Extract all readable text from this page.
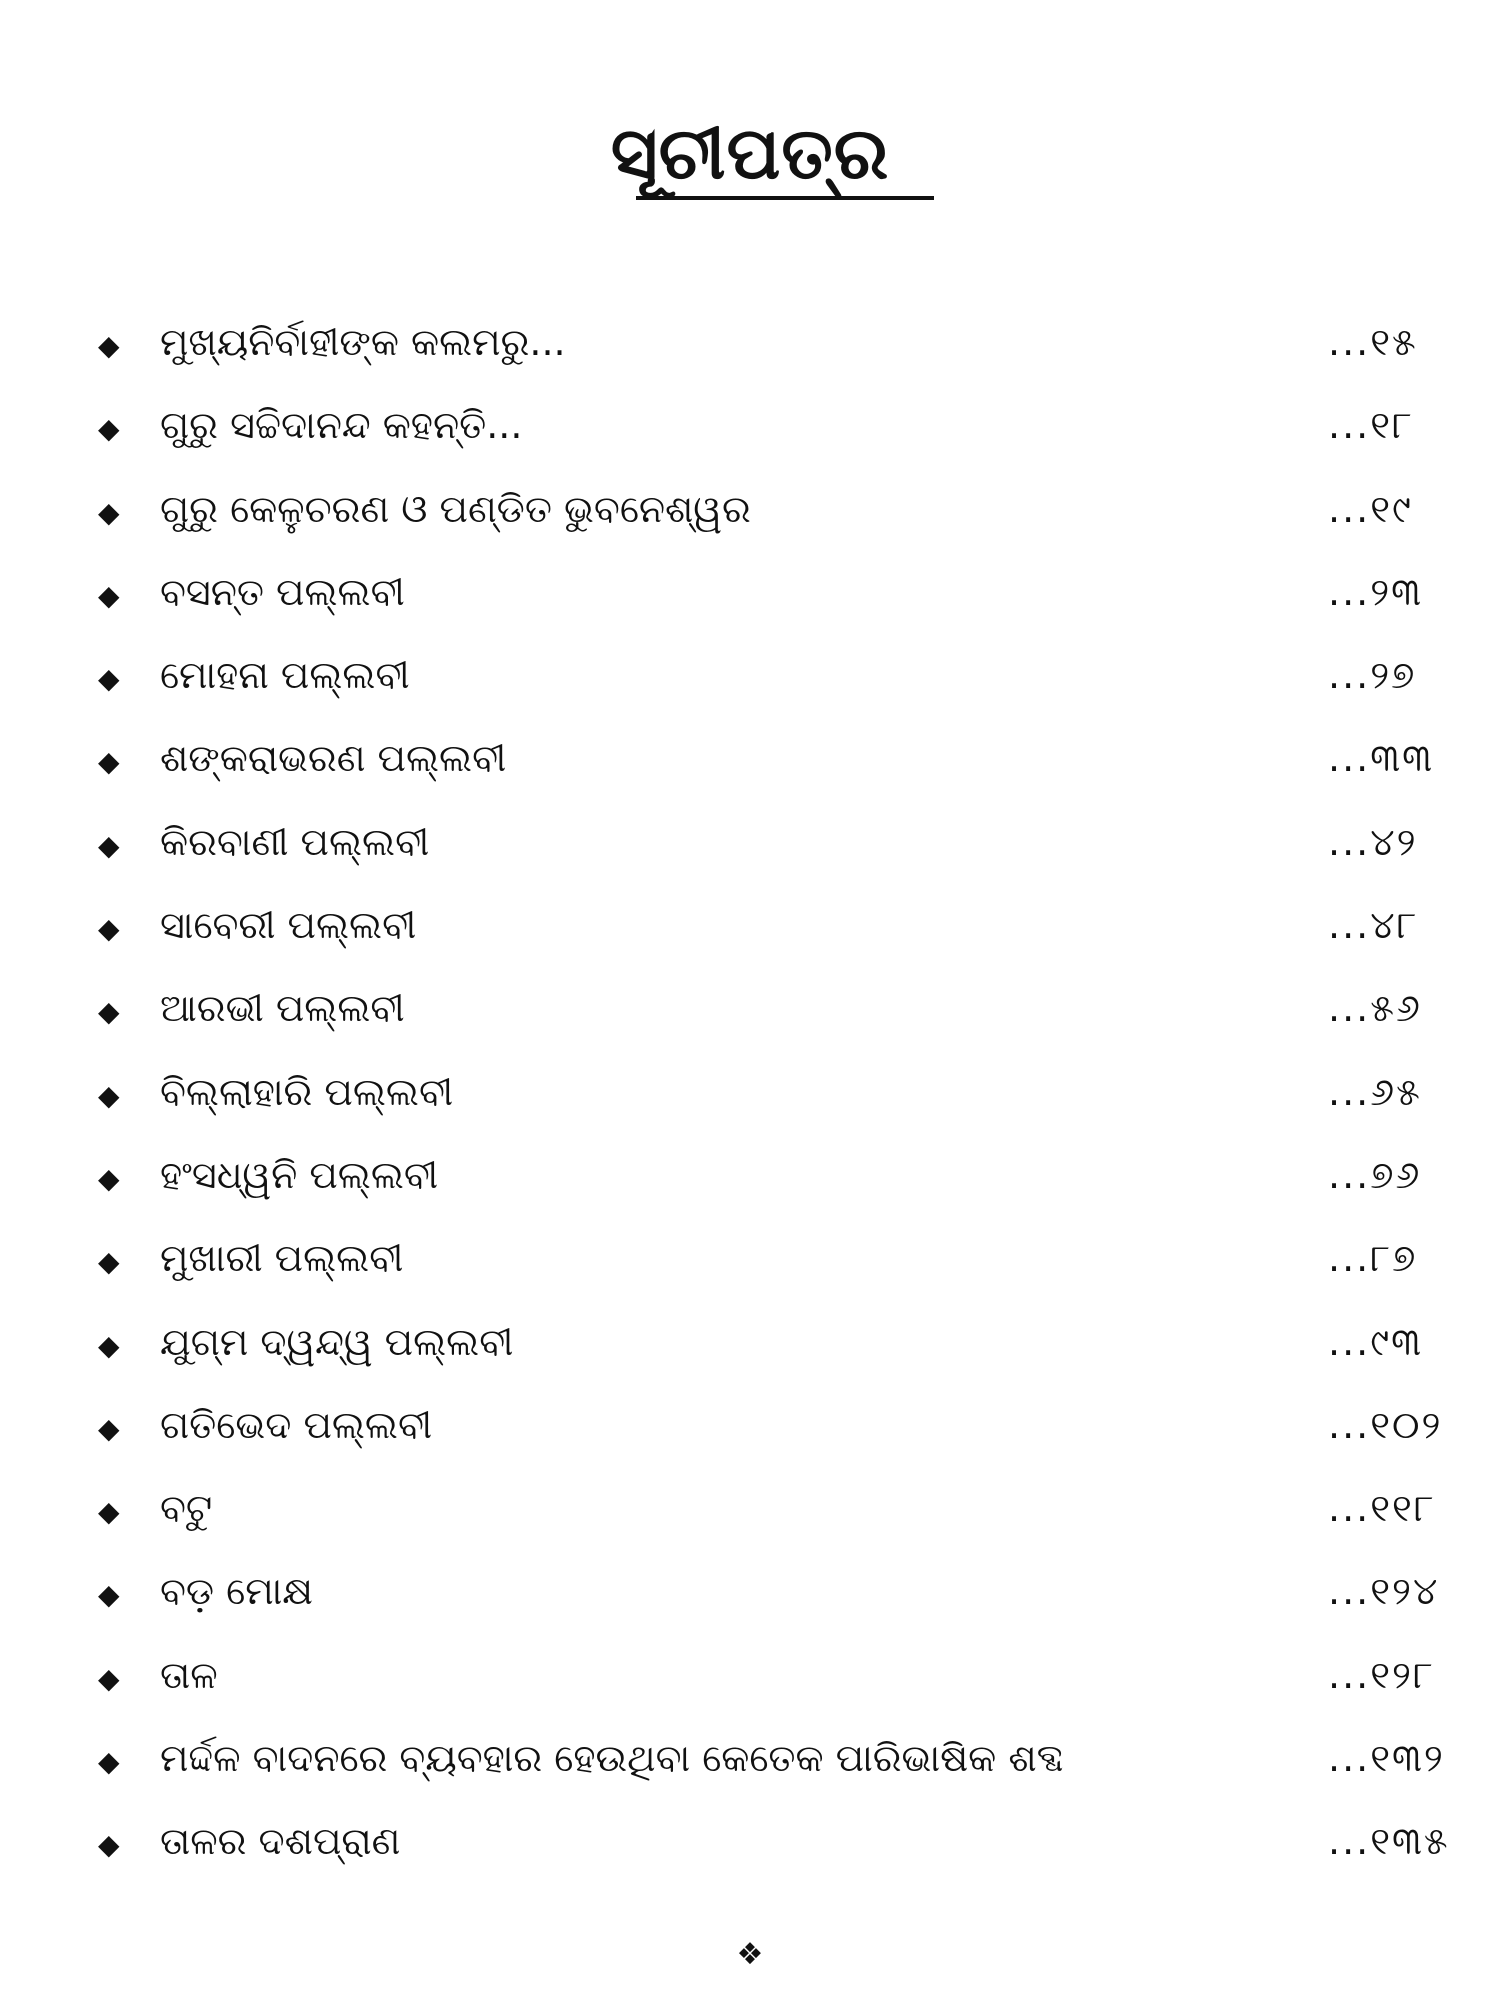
ସୂଚୀପତ୍ର
◆ ମୁଖ୍ୟନିର୍ବାହୀଙ୍କ କଲମରୁ...	...୧୫
◆ ଗୁରୁ ସଚ୍ଚିଦାନନ୍ଦ କହନ୍ତି...	...୧୮
◆ ଗୁରୁ କେଳୁଚରଣ ଓ ପଣ୍ଡିତ ଭୁବନେଶ୍ୱର	...୧୯
◆ ବସନ୍ତ ପଲ୍ଲବୀ	...୨୩
◆ ମୋହନା ପଲ୍ଲବୀ	...୨୭
◆ ଶଙ୍କରାଭରଣ ପଲ୍ଲବୀ	...୩୩
◆ କିରବାଣୀ ପଲ୍ଲବୀ	...୪୨
◆ ସାବେରୀ ପଲ୍ଲବୀ	...୪୮
◆ ଆରଭୀ ପଲ୍ଲବୀ	...୫୬
◆ ବିଲ୍ଲାହାରି ପଲ୍ଲବୀ	...୬୫
◆ ହଂସଧ୍ୱନି ପଲ୍ଲବୀ	...୭୬
◆ ମୁଖାରୀ ପଲ୍ଲବୀ	...୮୭
◆ ଯୁଗ୍ମ ଦ୍ୱନ୍ଦ୍ୱ ପଲ୍ଲବୀ	...୯୩
◆ ଗତିଭେଦ ପଲ୍ଲବୀ	...୧୦୨
◆ ବଟୁ	...୧୧୮
◆ ବଡ଼ ମୋକ୍ଷ	...୧୨୪
◆ ତାଳ	...୧୨୮
◆ ମର୍ଦ୍ଦଳ ବାଦନରେ ବ୍ୟବହାର ହେଉଥିବା କେତେକ ପାରିଭାଷିକ ଶବ୍ଦ	...୧୩୨
◆ ତାଳର ଦଶପ୍ରାଣ	...୧୩୫
❖
